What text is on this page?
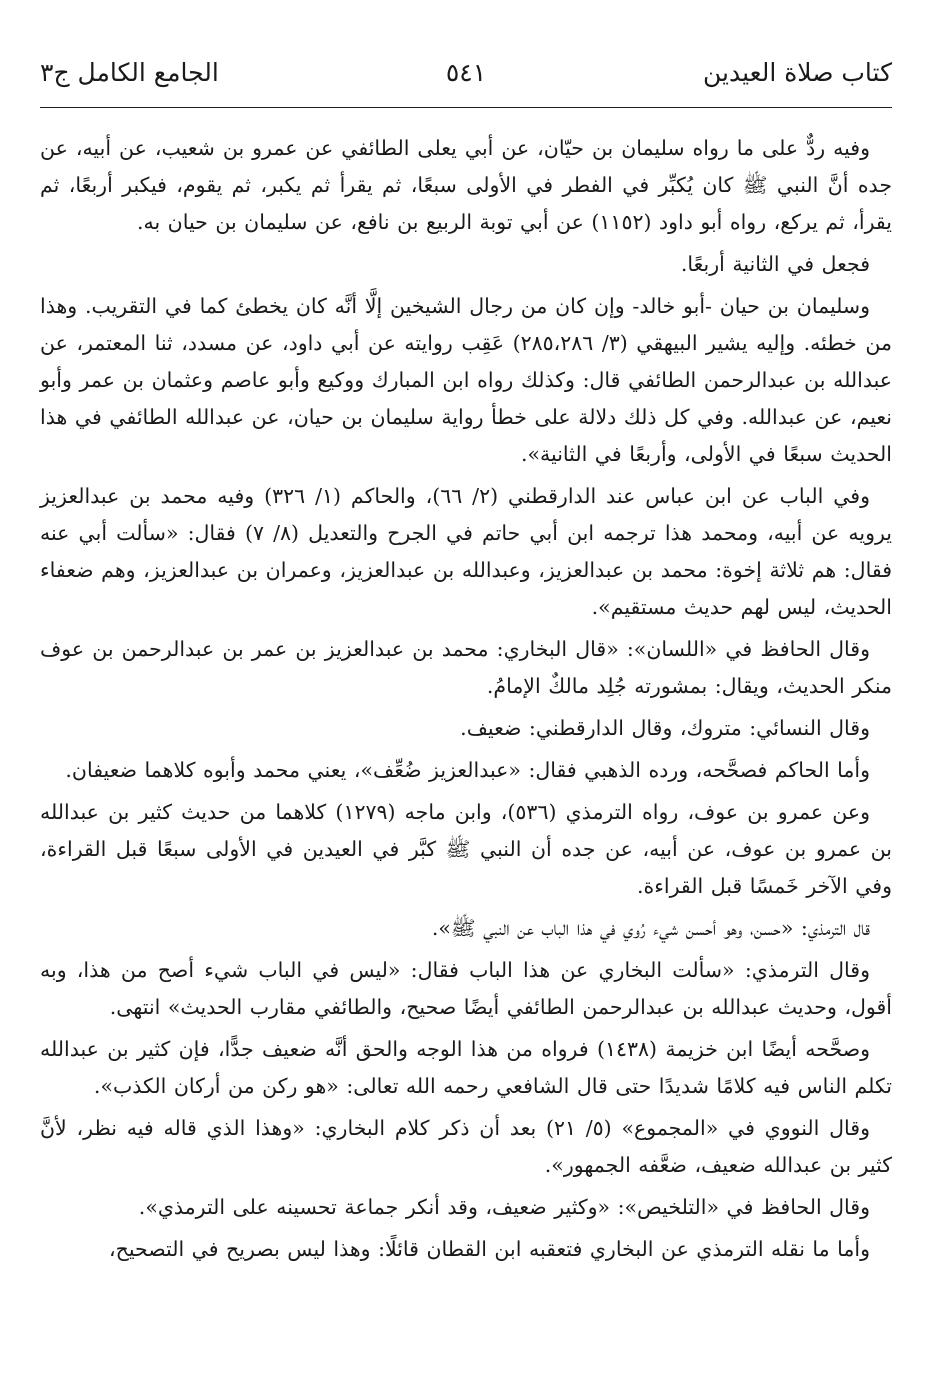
كتاب صلاة العيدين
٥٤١
الجامع الكامل ج٣

وفيه ردٌّ على ما رواه سليمان بن حيّان، عن أبي يعلى الطائفي عن عمرو بن شعيب، عن أبيه، عن جده أنَّ النبي ﷺ كان يُكبِّر في الفطر في الأولى سبعًا، ثم يقرأ ثم يكبر، ثم يقوم، فيكبر أربعًا، ثم يقرأ، ثم يركع، رواه أبو داود (١١٥٢) عن أبي توبة الربيع بن نافع، عن سليمان بن حيان به.

فجعل في الثانية أربعًا.

وسليمان بن حيان -أبو خالد- وإن كان من رجال الشيخين إلَّا أنَّه كان يخطئ كما في التقريب. وهذا من خطئه. وإليه يشير البيهقي (٣/ ٢٨٥،٢٨٦) عَقِب روايته عن أبي داود، عن مسدد، ثنا المعتمر، عن عبدالله بن عبدالرحمن الطائفي قال: وكذلك رواه ابن المبارك ووكيع وأبو عاصم وعثمان بن عمر وأبو نعيم، عن عبدالله. وفي كل ذلك دلالة على خطأ رواية سليمان بن حيان، عن عبدالله الطائفي في هذا الحديث سبعًا في الأولى، وأربعًا في الثانية».

وفي الباب عن ابن عباس عند الدارقطني (٢/ ٦٦)، والحاكم (١/ ٣٢٦) وفيه محمد بن عبدالعزيز يرويه عن أبيه، ومحمد هذا ترجمه ابن أبي حاتم في الجرح والتعديل (٨/ ٧) فقال: «سألت أبي عنه فقال: هم ثلاثة إخوة: محمد بن عبدالعزيز، وعبدالله بن عبدالعزيز، وعمران بن عبدالعزيز، وهم ضعفاء الحديث، ليس لهم حديث مستقيم».

وقال الحافظ في «اللسان»: «قال البخاري: محمد بن عبدالعزيز بن عمر بن عبدالرحمن بن عوف منكر الحديث، ويقال: بمشورته جُلِد مالكٌ الإمامُ.

وقال النسائي: متروك، وقال الدارقطني: ضعيف.

وأما الحاكم فصحَّحه، ورده الذهبي فقال: «عبدالعزيز ضُعِّف»، يعني محمد وأبوه كلاهما ضعيفان.

وعن عمرو بن عوف، رواه الترمذي (٥٣٦)، وابن ماجه (١٢٧٩) كلاهما من حديث كثير بن عبدالله بن عمرو بن عوف، عن أبيه، عن جده أن النبي ﷺ كبَّر في العيدين في الأولى سبعًا قبل القراءة، وفي الآخر خَمسًا قبل القراءة.

قال الترمذي: «حسن، وهو أحسن شيء رُوي في هذا الباب عن النبي ﷺ».

وقال الترمذي: «سألت البخاري عن هذا الباب فقال: «ليس في الباب شيء أصح من هذا، وبه أقول، وحديث عبدالله بن عبدالرحمن الطائفي أيضًا صحيح، والطائفي مقارب الحديث» انتهى.

وصحَّحه أيضًا ابن خزيمة (١٤٣٨) فرواه من هذا الوجه والحق أنَّه ضعيف جدًّا، فإن كثير بن عبدالله تكلم الناس فيه كلامًا شديدًا حتى قال الشافعي رحمه الله تعالى: «هو ركن من أركان الكذب».

وقال النووي في «المجموع» (٥/ ٢١) بعد أن ذكر كلام البخاري: «وهذا الذي قاله فيه نظر، لأنَّ كثير بن عبدالله ضعيف، ضعَّفه الجمهور».

وقال الحافظ في «التلخيص»: «وكثير ضعيف، وقد أنكر جماعة تحسينه على الترمذي».

وأما ما نقله الترمذي عن البخاري فتعقبه ابن القطان قائلًا: وهذا ليس بصريح في التصحيح،
